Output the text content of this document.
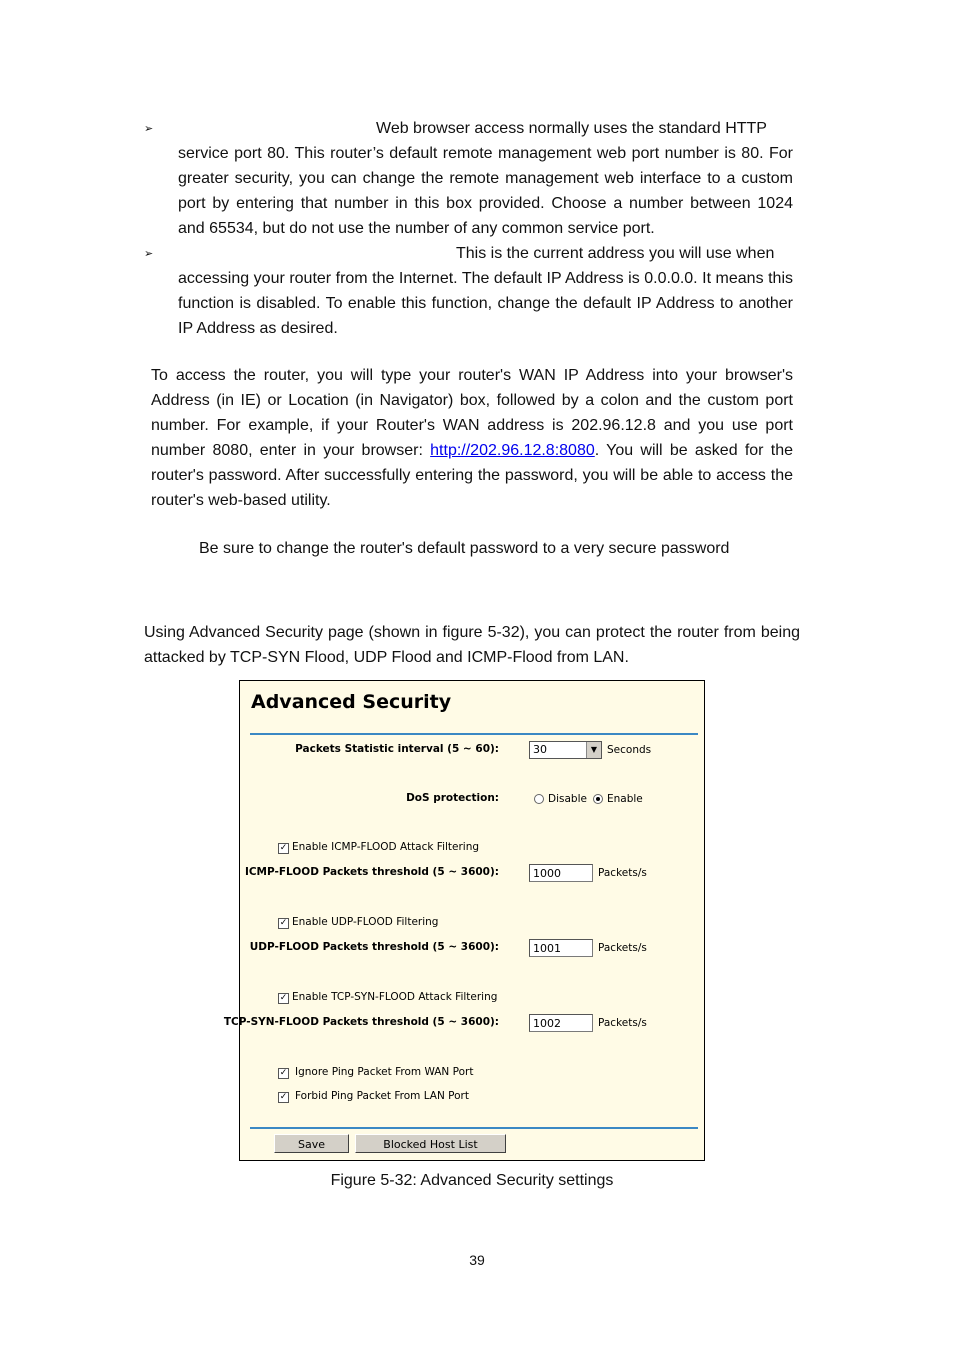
➢	Web browser access normally uses the standard HTTP
service port 80. This router’s default remote management web port number is 80. For greater security, you can change the remote management web interface to a custom port by entering that number in this box provided. Choose a number between 1024 and 65534, but do not use the number of any common service port.
➢	This is the current address you will use when
accessing your router from the Internet. The default IP Address is 0.0.0.0. It means this function is disabled. To enable this function, change the default IP Address to another IP Address as desired.
To access the router, you will type your router's WAN IP Address into your browser's Address (in IE) or Location (in Navigator) box, followed by a colon and the custom port number. For example, if your Router's WAN address is 202.96.12.8 and you use port number 8080, enter in your browser: http://202.96.12.8:8080. You will be asked for the router's password. After successfully entering the password, you will be able to access the router's web-based utility.
Be sure to change the router's default password to a very secure password
Using Advanced Security page (shown in figure 5-32), you can protect the router from being attacked by TCP-SYN Flood, UDP Flood and ICMP-Flood from LAN.
Advanced Security
Packets Statistic interval (5 ~ 60):	30	▼ Seconds
DoS protection:	Disable Enable
✓ Enable ICMP-FLOOD Attack Filtering
ICMP-FLOOD Packets threshold (5 ~ 3600):	1000	Packets/s
✓ Enable UDP-FLOOD Filtering
UDP-FLOOD Packets threshold (5 ~ 3600):	1001	Packets/s
✓ Enable TCP-SYN-FLOOD Attack Filtering
TCP-SYN-FLOOD Packets threshold (5 ~ 3600):	1002	Packets/s
✓ Ignore Ping Packet From WAN Port
✓ Forbid Ping Packet From LAN Port
Save	Blocked Host List
Figure 5-32: Advanced Security settings
39
